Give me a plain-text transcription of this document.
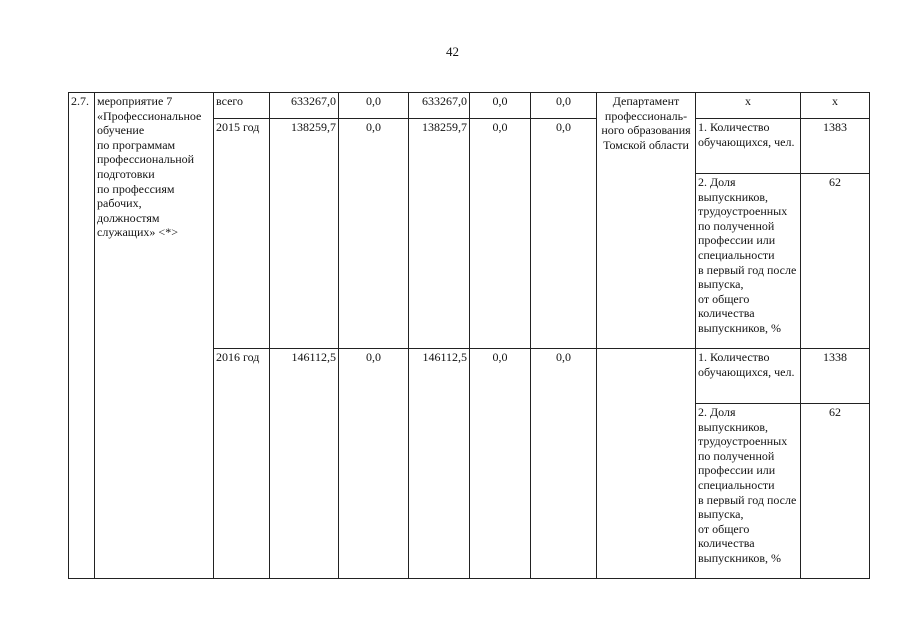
42
2.7.	мероприятие 7
«Профессиональное обучение
по программам профессиональной подготовки
по профессиям рабочих,
должностям служащих» <*>	всего	633267,0	0,0	633267,0	0,0	0,0	Департамент профессиональ-
ного образования Томской области	х	х
		2015 год	138259,7	0,0	138259,7	0,0	0,0		1. Количество обучающихся, чел.	1383
									2. Доля выпускников, трудоустроенных по полученной профессии или специальности
в первый год после выпуска,
от общего количества выпускников, %	62
		2016 год	146112,5	0,0	146112,5	0,0	0,0		1. Количество обучающихся, чел.	1338
									2. Доля выпускников, трудоустроенных по полученной профессии или специальности
в первый год после выпуска,
от общего количества выпускников, %	62
